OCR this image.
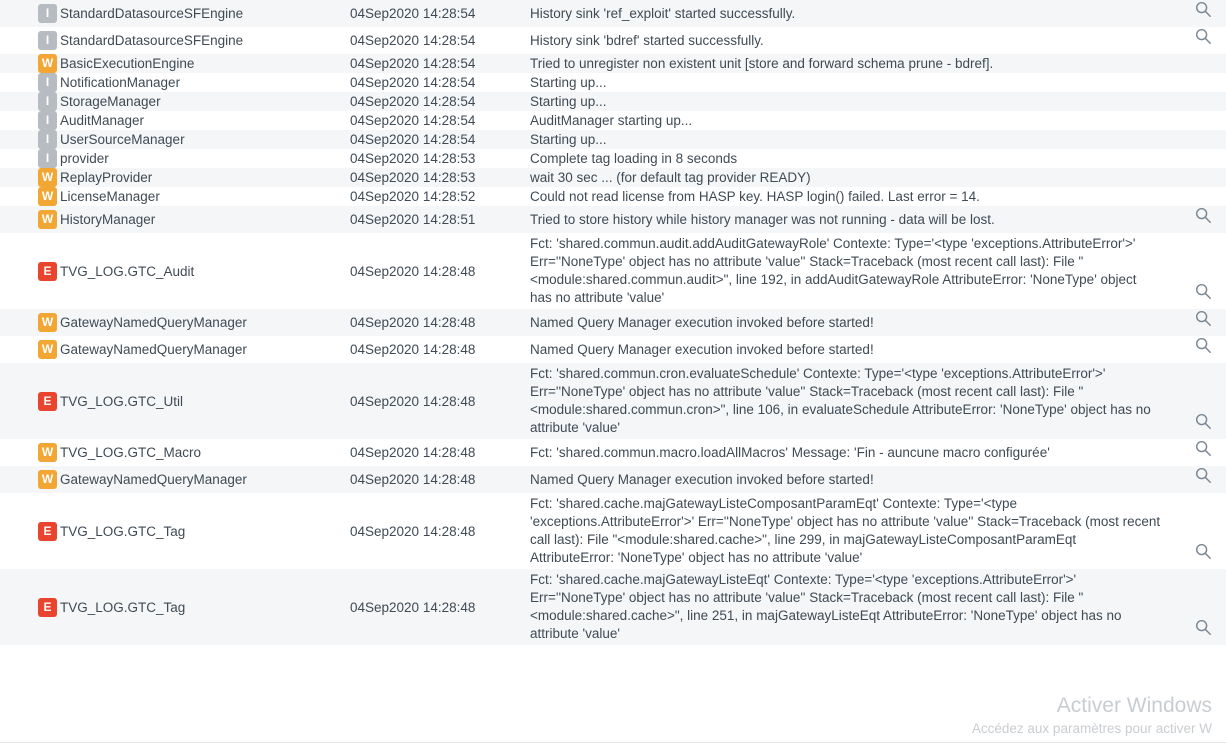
I	StandardDatasourceSFEngine	04Sep2020 14:28:54	History sink 'ref_exploit' started successfully.	

I	StandardDatasourceSFEngine	04Sep2020 14:28:54	History sink 'bdref' started successfully.	

W	BasicExecutionEngine	04Sep2020 14:28:54	Tried to unregister non existent unit [store and forward schema prune - bdref].	
I	NotificationManager	04Sep2020 14:28:54	Starting up...	
I	StorageManager	04Sep2020 14:28:54	Starting up...	
I	AuditManager	04Sep2020 14:28:54	AuditManager starting up...	
I	UserSourceManager	04Sep2020 14:28:54	Starting up...	
I	provider	04Sep2020 14:28:53	Complete tag loading in 8 seconds	
W	ReplayProvider	04Sep2020 14:28:53	wait 30 sec ... (for default tag provider READY)	
W	LicenseManager	04Sep2020 14:28:52	Could not read license from HASP key. HASP login() failed. Last error = 14.	
W	HistoryManager	04Sep2020 14:28:51	Tried to store history while history manager was not running - data will be lost.	

E	TVG_LOG.GTC_Audit	04Sep2020 14:28:48	Fct: 'shared.commun.audit.addAuditGatewayRole' Contexte: Type='<type 'exceptions.AttributeError'>' Err=''NoneType' object has no attribute 'value'' Stack=Traceback (most recent call last): File "<module:shared.commun.audit>", line 192, in addAuditGatewayRole AttributeError: 'NoneType' object has no attribute 'value'	

W	GatewayNamedQueryManager	04Sep2020 14:28:48	Named Query Manager execution invoked before started!	

W	GatewayNamedQueryManager	04Sep2020 14:28:48	Named Query Manager execution invoked before started!	

E	TVG_LOG.GTC_Util	04Sep2020 14:28:48	Fct: 'shared.commun.cron.evaluateSchedule' Contexte: Type='<type 'exceptions.AttributeError'>' Err=''NoneType' object has no attribute 'value'' Stack=Traceback (most recent call last): File "<module:shared.commun.cron>", line 106, in evaluateSchedule AttributeError: 'NoneType' object has no attribute 'value'	

W	TVG_LOG.GTC_Macro	04Sep2020 14:28:48	Fct: 'shared.commun.macro.loadAllMacros' Message: 'Fin - auncune macro configurée'	

W	GatewayNamedQueryManager	04Sep2020 14:28:48	Named Query Manager execution invoked before started!	

E	TVG_LOG.GTC_Tag	04Sep2020 14:28:48	Fct: 'shared.cache.majGatewayListeComposantParamEqt' Contexte: Type='<type 'exceptions.AttributeError'>' Err=''NoneType' object has no attribute 'value'' Stack=Traceback (most recent call last): File "<module:shared.cache>", line 299, in majGatewayListeComposantParamEqt AttributeError: 'NoneType' object has no attribute 'value'	

E	TVG_LOG.GTC_Tag	04Sep2020 14:28:48	Fct: 'shared.cache.majGatewayListeEqt' Contexte: Type='<type 'exceptions.AttributeError'>' Err=''NoneType' object has no attribute 'value'' Stack=Traceback (most recent call last): File "<module:shared.cache>", line 251, in majGatewayListeEqt AttributeError: 'NoneType' object has no attribute 'value'	
Activer Windows
Accédez aux paramètres pour activer W
